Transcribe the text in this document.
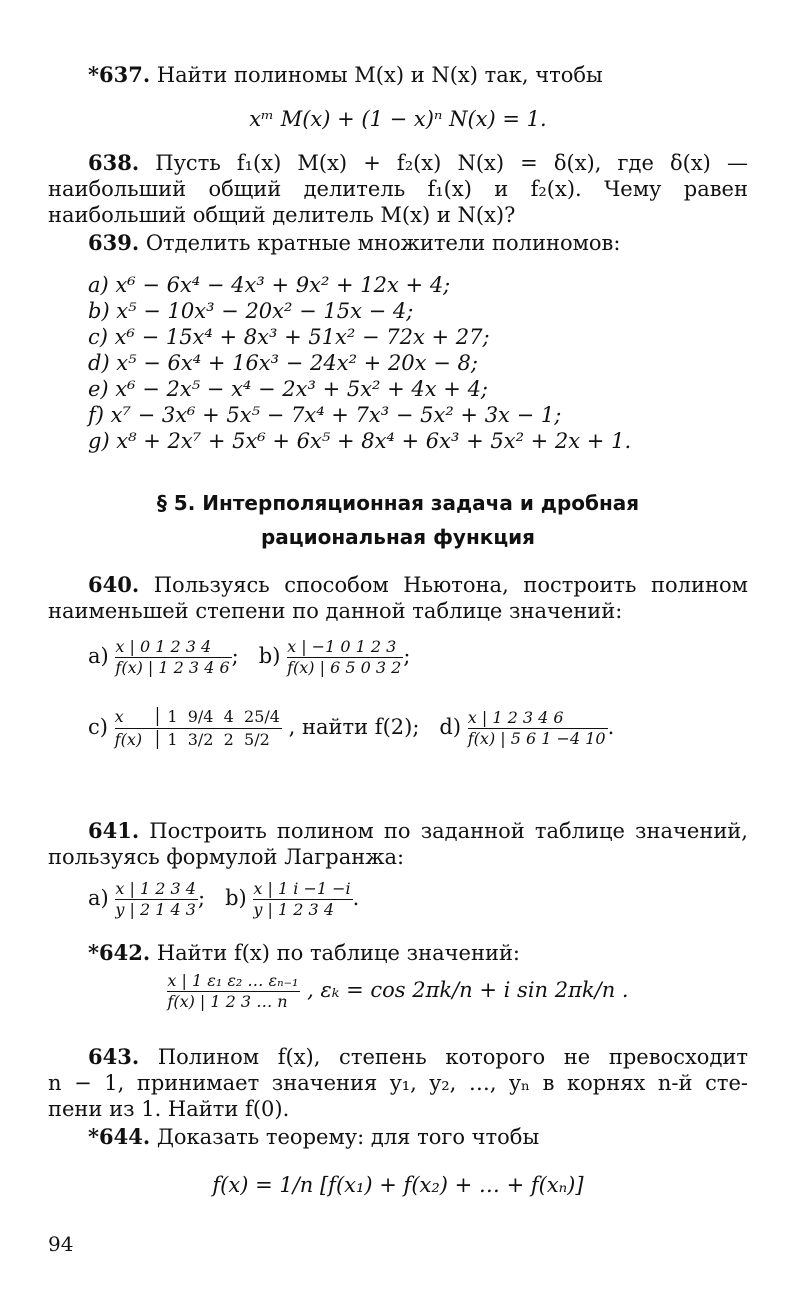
*637. Найти полиномы M(x) и N(x) так, чтобы
xᵐ M(x) + (1 − x)ⁿ N(x) = 1.
638. Пусть f₁(x) M(x) + f₂(x) N(x) = δ(x), где δ(x) —
наибольший общий делитель f₁(x) и f₂(x). Чему равен
наибольший общий делитель M(x) и N(x)?
639. Отделить кратные множители полиномов:
a) x⁶ − 6x⁴ − 4x³ + 9x² + 12x + 4;
b) x⁵ − 10x³ − 20x² − 15x − 4;
c) x⁶ − 15x⁴ + 8x³ + 51x² − 72x + 27;
d) x⁵ − 6x⁴ + 16x³ − 24x² + 20x − 8;
e) x⁶ − 2x⁵ − x⁴ − 2x³ + 5x² + 4x + 4;
f) x⁷ − 3x⁶ + 5x⁵ − 7x⁴ + 7x³ − 5x² + 3x − 1;
g) x⁸ + 2x⁷ + 5x⁶ + 6x⁵ + 8x⁴ + 6x³ + 5x² + 2x + 1.
§ 5. Интерполяционная задача и дробная
рациональная функция
640. Пользуясь способом Ньютона, построить полином
наименьшей степени по данной таблице значений:
$a) \frac{x | 0 1 2 3 4}{f(x) | 1 2 3 4 6}$ ; $b) \frac{x | -1 0 1 2 3}{f(x) | 6 5 0 3 2}$ ;
$c) \frac{x │ 1 9/4 4 25/4}{f(x) │ 1 3/2 2 5/2}$ , найти f(2); $d) \frac{x | 1 2 3 4 6}{f(x) | 5 6 1 -4 10}$ .
641. Построить полином по заданной таблице значений,
пользуясь формулой Лагранжа:
$a) \frac{x | 1 2 3 4}{y | 2 1 4 3}$ ; $b) \frac{x | 1 i -1 -i}{y | 1 2 3 4}$ .
*642. Найти f(x) по таблице значений:
$\frac{\text{x | 1 ε₁ ε₂ … εₙ₋₁}}{f(x) | 1 2 3 \dots n}$ , εₖ = cos 2πk/n + i sin 2πk/n .
643. Полином f(x), степень которого не превосходит
n − 1, принимает значения y₁, y₂, …, yₙ в корнях n-й сте-
пени из 1. Найти f(0).
*644. Доказать теорему: для того чтобы
f(x) = 1/n [f(x₁) + f(x₂) + … + f(xₙ)]
94
